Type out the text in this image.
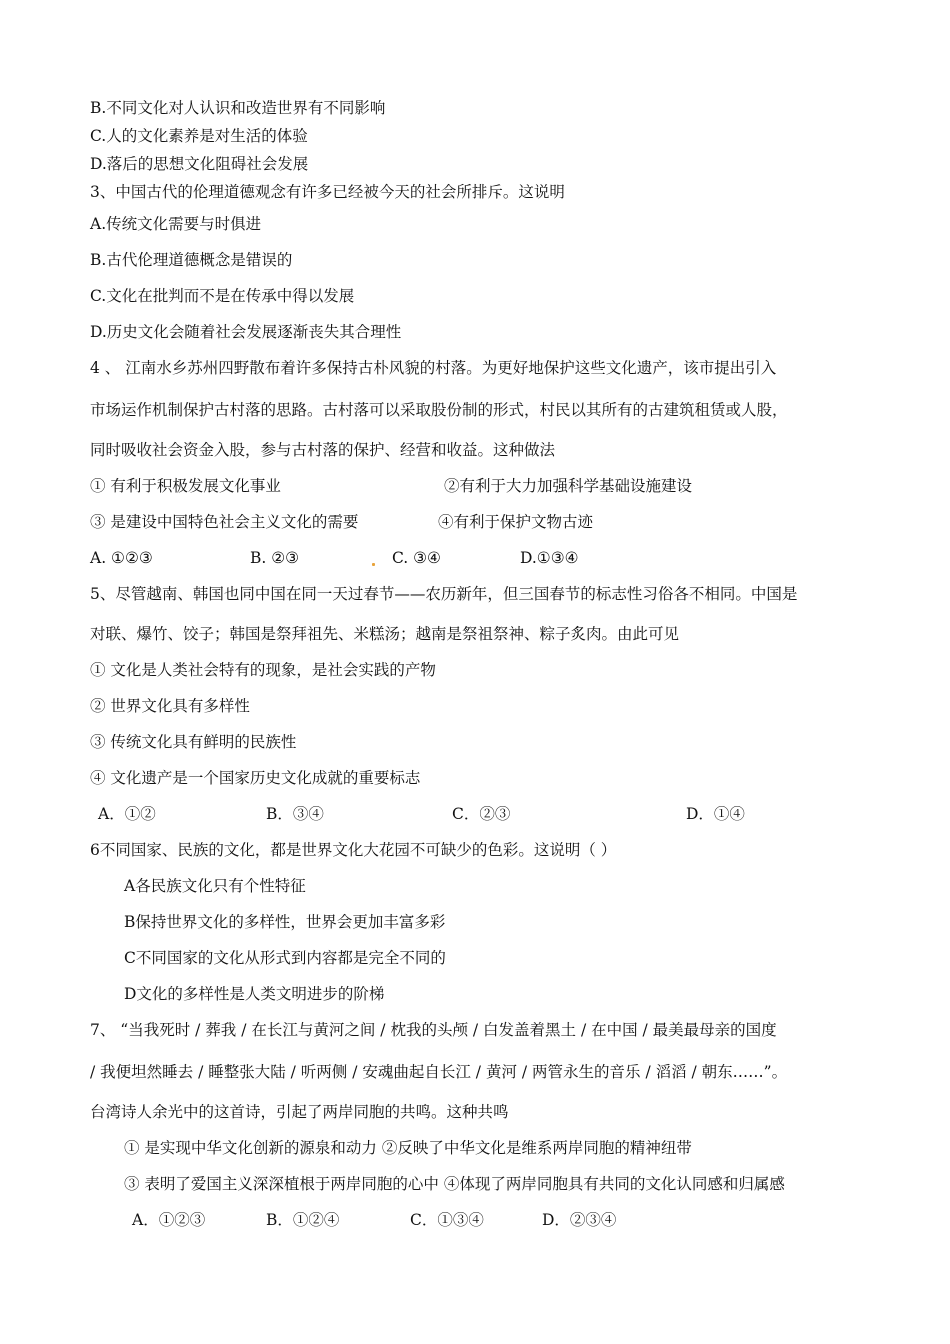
B.不同文化对人认识和改造世界有不同影响
C.人的文化素养是对生活的体验
D.落后的思想文化阻碍社会发展
3、中国古代的伦理道德观念有许多已经被今天的社会所排斥。这说明
A.传统文化需要与时俱进
B.古代伦理道德概念是错误的
C.文化在批判而不是在传承中得以发展
D.历史文化会随着社会发展逐渐丧失其合理性
4 、 江南水乡苏州四野散布着许多保持古朴风貌的村落。为更好地保护这些文化遗产，该市提出引入
市场运作机制保护古村落的思路。古村落可以采取股份制的形式，村民以其所有的古建筑租赁或人股，
同时吸收社会资金入股，参与古村落的保护、经营和收益。这种做法
① 有利于积极发展文化事业	②有利于大力加强科学基础设施建设
③ 是建设中国特色社会主义文化的需要	④有利于保护文物古迹
A. ①②③	B. ②③	C. ③④	D.①③④
5、尽管越南、韩国也同中国在同一天过春节——农历新年，但三国春节的标志性习俗各不相同。中国是
对联、爆竹、饺子；韩国是祭拜祖先、米糕汤；越南是祭祖祭神、粽子炙肉。由此可见
① 文化是人类社会特有的现象，是社会实践的产物
② 世界文化具有多样性
③ 传统文化具有鲜明的民族性
④ 文化遗产是一个国家历史文化成就的重要标志
A．①②	B．③④	C．②③	D．①④
6不同国家、民族的文化，都是世界文化大花园不可缺少的色彩。这说明（ ）
A各民族文化只有个性特征
B保持世界文化的多样性，世界会更加丰富多彩
C不同国家的文化从形式到内容都是完全不同的
D文化的多样性是人类文明进步的阶梯
7、 “当我死时 / 葬我 / 在长江与黄河之间 / 枕我的头颅 / 白发盖着黑土 / 在中国 / 最美最母亲的国度
/ 我便坦然睡去 / 睡整张大陆 / 听两侧 / 安魂曲起自长江 / 黄河 / 两管永生的音乐 / 滔滔 / 朝东……”。
台湾诗人余光中的这首诗，引起了两岸同胞的共鸣。这种共鸣
① 是实现中华文化创新的源泉和动力 ②反映了中华文化是维系两岸同胞的精神纽带
③ 表明了爱国主义深深植根于两岸同胞的心中 ④体现了两岸同胞具有共同的文化认同感和归属感
A．①②③	B．①②④	C．①③④	D．②③④
